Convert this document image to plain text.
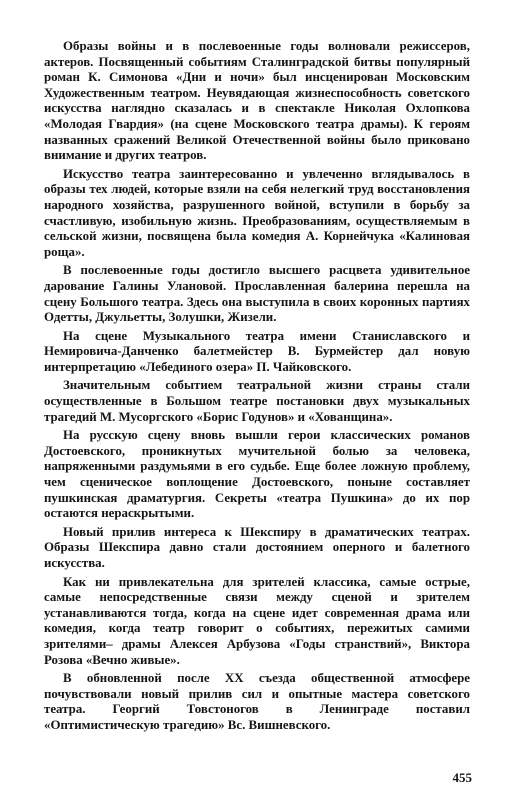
Образы войны и в послевоенные годы волновали режиссеров, актеров. Посвященный событиям Сталинградской битвы популярный роман К. Симонова «Дни и ночи» был инсценирован Московским Художественным театром. Неувядающая жизнеспособность советского искусства наглядно сказалась и в спектакле Николая Охлопкова «Молодая Гвардия» (на сцене Московского театра драмы). К героям названных сражений Великой Отечественной войны было приковано внимание и других театров.

Искусство театра заинтересованно и увлеченно вглядывалось в образы тех людей, которые взяли на себя нелегкий труд восстановления народного хозяйства, разрушенного войной, вступили в борьбу за счастливую, изобильную жизнь. Преобразованиям, осуществляемым в сельской жизни, посвящена была комедия А. Корнейчука «Калиновая роща».

В послевоенные годы достигло высшего расцвета удивительное дарование Галины Улановой. Прославленная балерина перешла на сцену Большого театра. Здесь она выступила в своих коронных партиях Одетты, Джульетты, Золушки, Жизели.

На сцене Музыкального театра имени Станиславского и Немировича-Данченко балетмейстер В. Бурмейстер дал новую интерпретацию «Лебединого озера» П. Чайковского.

Значительным событием театральной жизни страны стали осуществленные в Большом театре постановки двух музыкальных трагедий М. Мусоргского «Борис Годунов» и «Хованщина».

На русскую сцену вновь вышли герои классических романов Достоевского, проникнутых мучительной болью за человека, напряженными раздумьями в его судьбе. Еще более ложную проблему, чем сценическое воплощение Достоевского, поныне составляет пушкинская драматургия. Секреты «театра Пушкина» до их пор остаются нераскрытыми.

Новый прилив интереса к Шекспиру в драматических театрах. Образы Шекспира давно стали достоянием оперного и балетного искусства.

Как ни привлекательна для зрителей классика, самые острые, самые непосредственные связи между сценой и зрителем устанавливаются тогда, когда на сцене идет современная драма или комедия, когда театр говорит о событиях, пережитых самими зрителями– драмы Алексея Арбузова «Годы странствий», Виктора Розова «Вечно живые».

В обновленной после XX съезда общественной атмосфере почувствовали новый прилив сил и опытные мастера советского театра. Георгий Товстоногов в Ленинграде поставил «Оптимистическую трагедию» Вс. Вишневского.

455
